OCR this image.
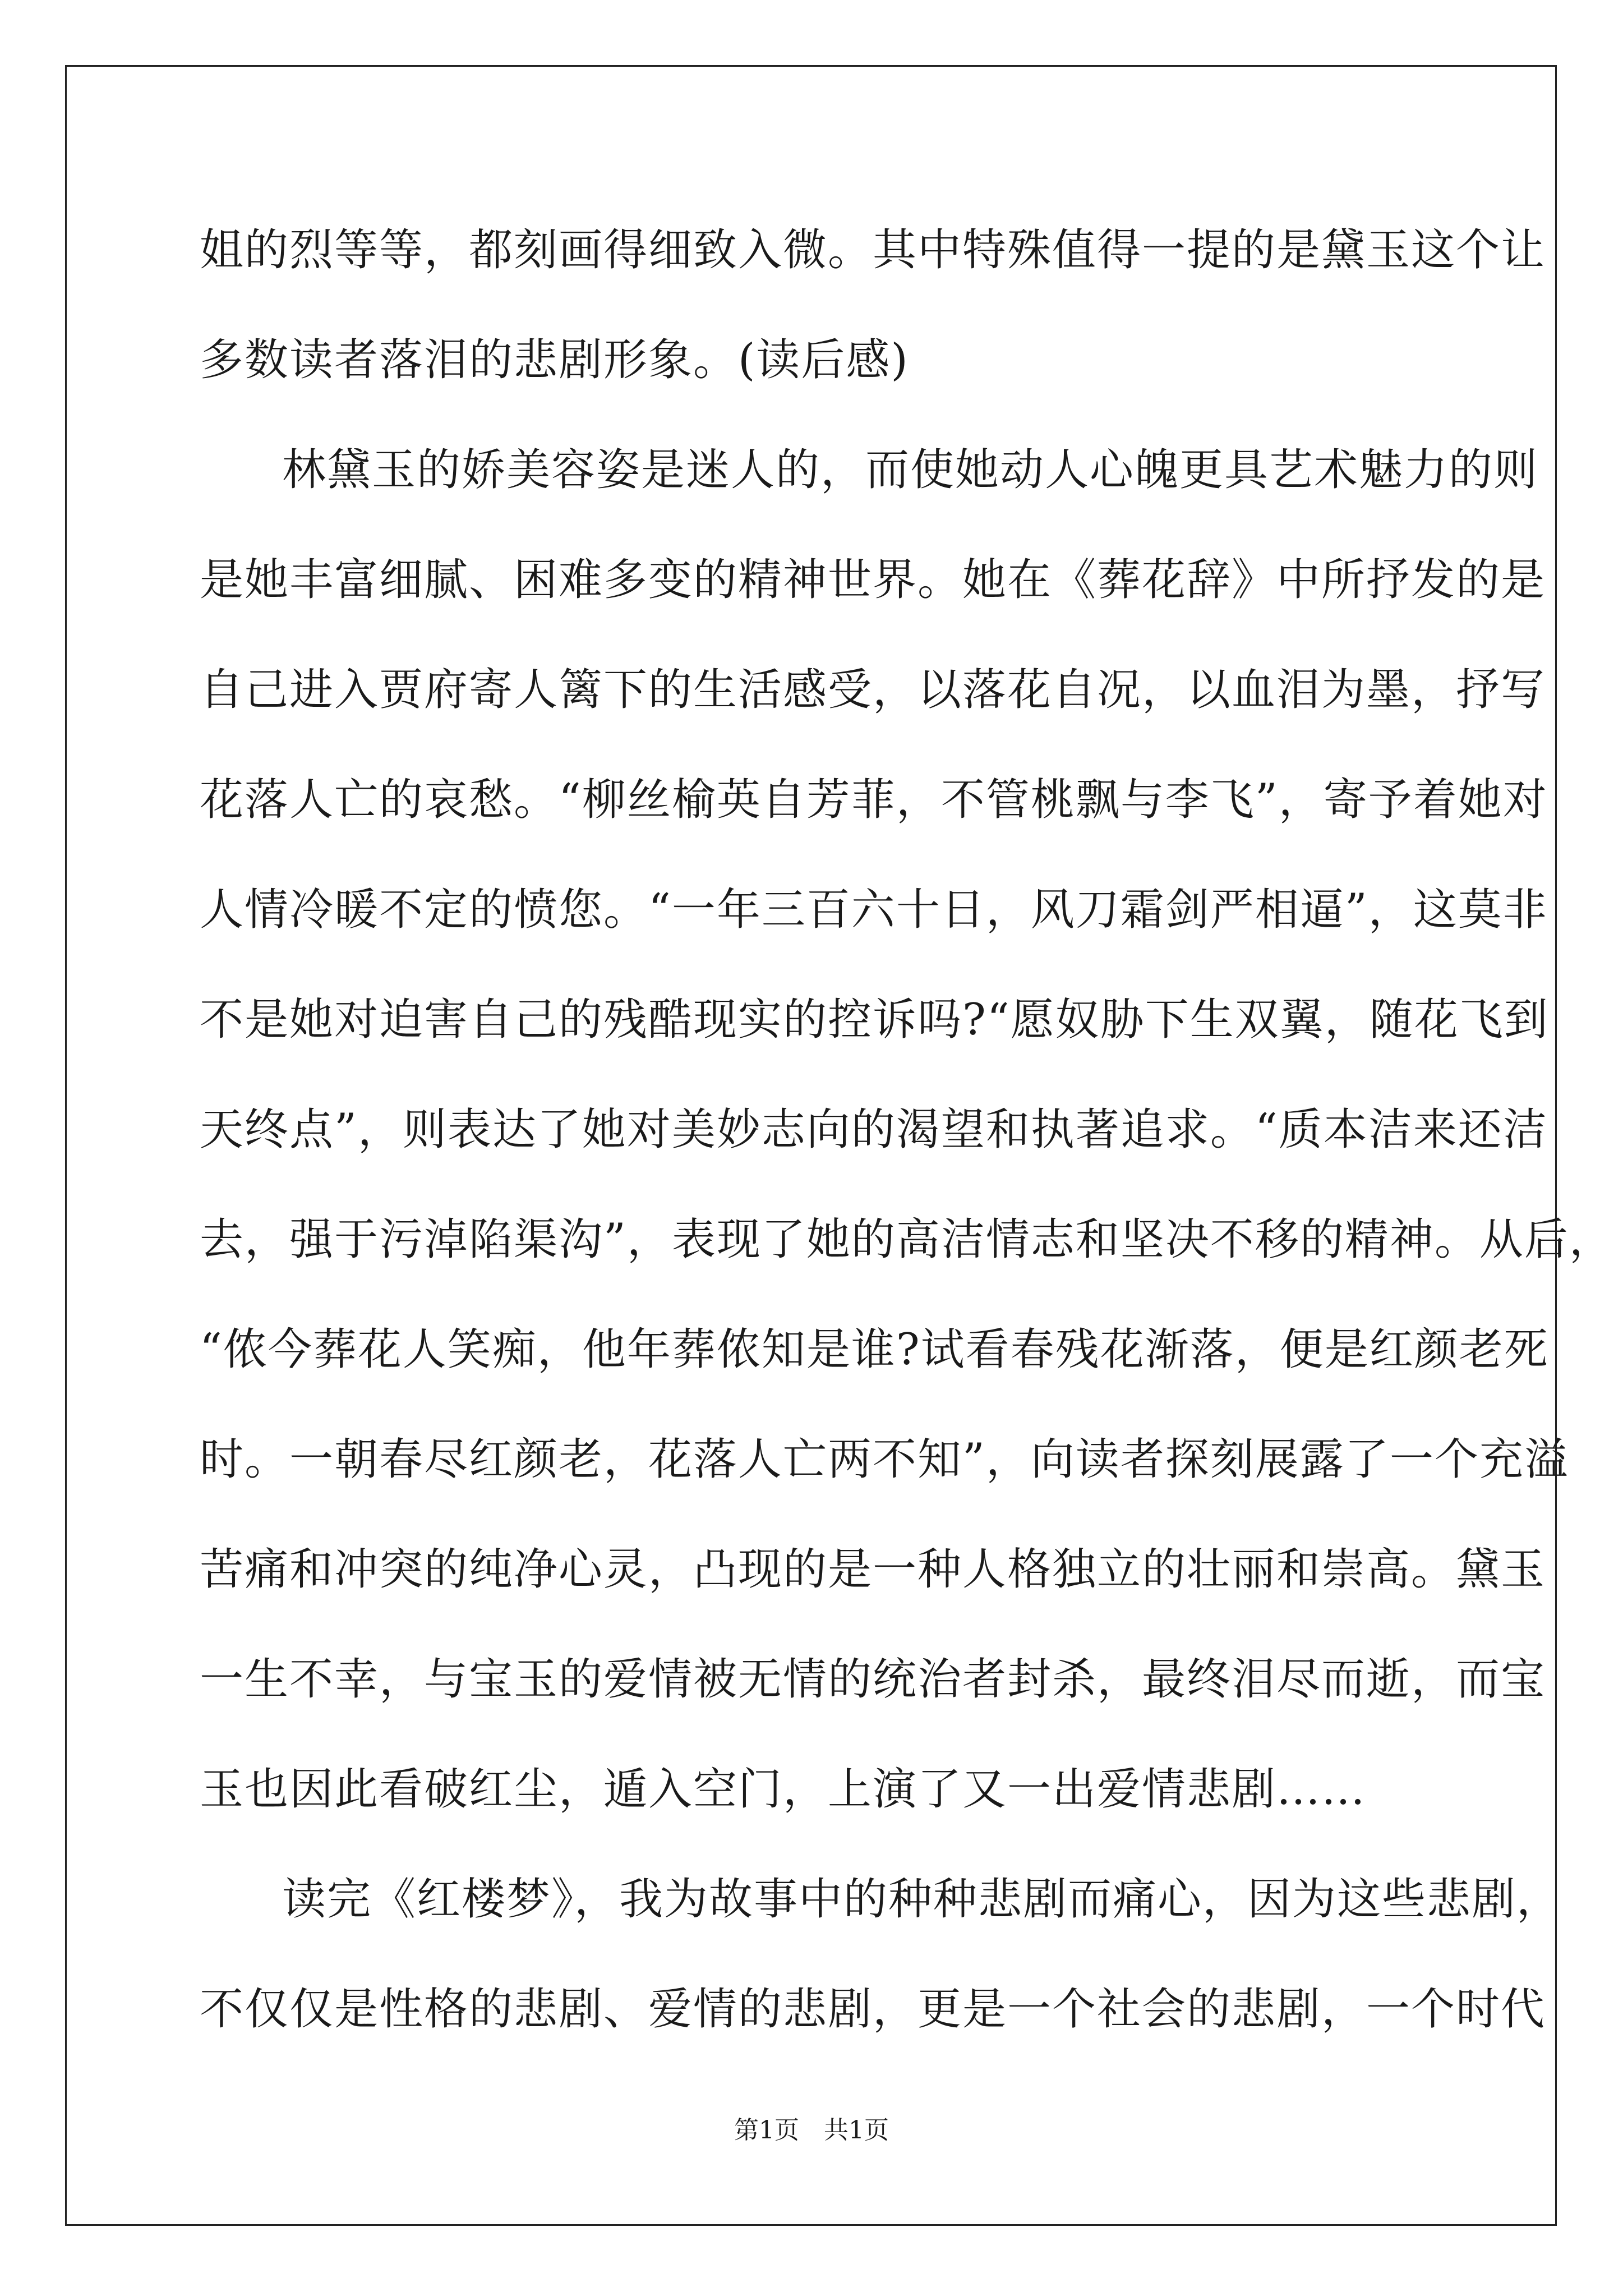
姐的烈等等，都刻画得细致入微。其中特殊值得一提的是黛玉这个让
多数读者落泪的悲剧形象。(读后感)
林黛玉的娇美容姿是迷人的，而使她动人心魄更具艺术魅力的则
是她丰富细腻、困难多变的精神世界。她在《葬花辞》中所抒发的是
自己进入贾府寄人篱下的生活感受，以落花自况，以血泪为墨，抒写
花落人亡的哀愁。“柳丝榆英自芳菲，不管桃飘与李飞”，寄予着她对
人情冷暖不定的愤您。“一年三百六十日，风刀霜剑严相逼”，这莫非
不是她对迫害自己的残酷现实的控诉吗?“愿奴胁下生双翼，随花飞到
天终点”，则表达了她对美妙志向的渴望和执著追求。“质本洁来还洁
去，强于污淖陷渠沟”，表现了她的高洁情志和坚决不移的精神。从后，
“侬今葬花人笑痴，他年葬侬知是谁?试看春残花渐落，便是红颜老死
时。一朝春尽红颜老，花落人亡两不知”，向读者探刻展露了一个充溢
苦痛和冲突的纯净心灵，凸现的是一种人格独立的壮丽和崇高。黛玉
一生不幸，与宝玉的爱情被无情的统治者封杀，最终泪尽而逝，而宝
玉也因此看破红尘，遁入空门，上演了又一出爱情悲剧……
读完《红楼梦》，我为故事中的种种悲剧而痛心，因为这些悲剧，
不仅仅是性格的悲剧、爱情的悲剧，更是一个社会的悲剧，一个时代
第1页　共1页
